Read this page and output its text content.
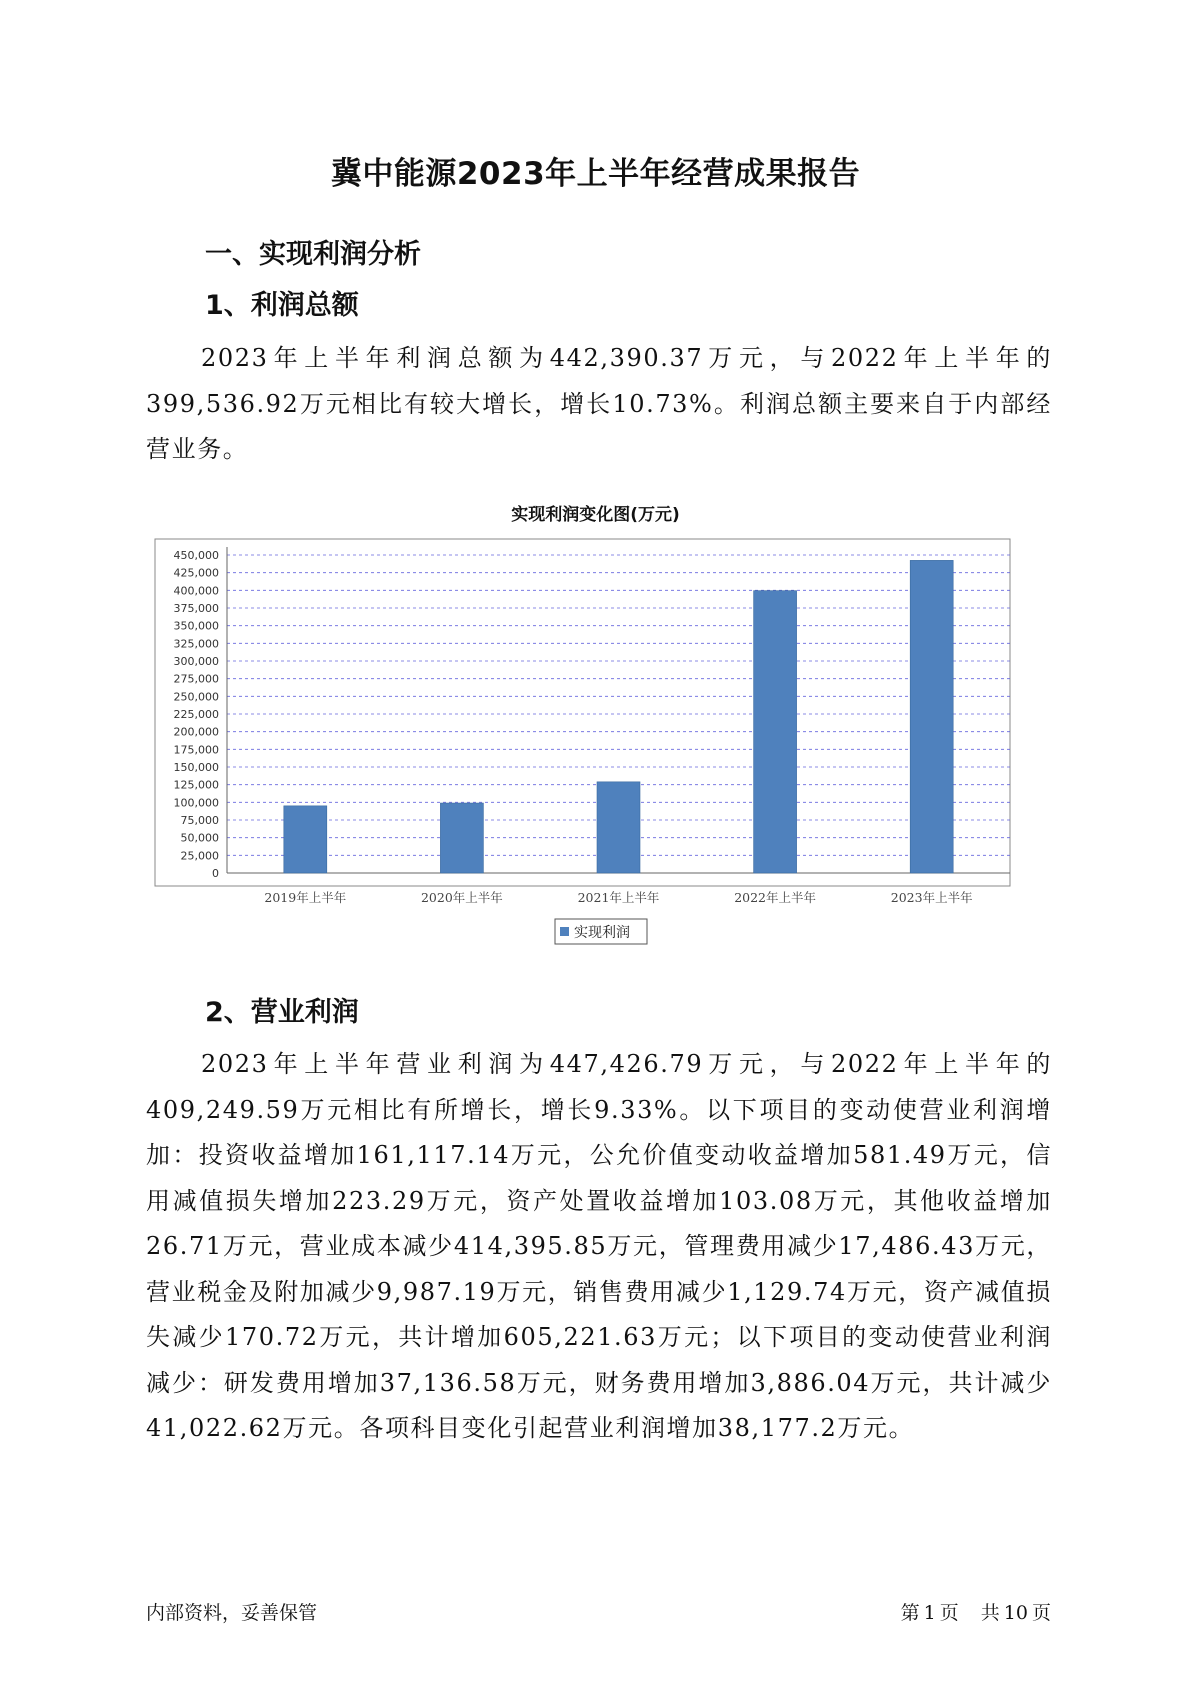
冀中能源2023年上半年经营成果报告
一、实现利润分析
1、利润总额
2023年上半年利润总额为442,390.37万元，与2022年上半年的399,536.92万元相比有较大增长，增长10.73%。利润总额主要来自于内部经营业务。
实现利润变化图(万元)
0
25,000
50,000
75,000
100,000
125,000
150,000
175,000
200,000
225,000
250,000
275,000
300,000
325,000
350,000
375,000
400,000
425,000
450,000
2019年上半年	2020年上半年	2021年上半年	2022年上半年	2023年上半年
实现利润
2、营业利润
2023年上半年营业利润为447,426.79万元，与2022年上半年的409,249.59万元相比有所增长，增长9.33%。以下项目的变动使营业利润增加：投资收益增加161,117.14万元，公允价值变动收益增加581.49万元，信用减值损失增加223.29万元，资产处置收益增加103.08万元，其他收益增加26.71万元，营业成本减少414,395.85万元，管理费用减少17,486.43万元，营业税金及附加减少9,987.19万元，销售费用减少1,129.74万元，资产减值损失减少170.72万元，共计增加605,221.63万元；以下项目的变动使营业利润减少：研发费用增加37,136.58万元，财务费用增加3,886.04万元，共计减少41,022.62万元。各项科目变化引起营业利润增加38,177.2万元。
内部资料，妥善保管	第 1 页 共 10 页
